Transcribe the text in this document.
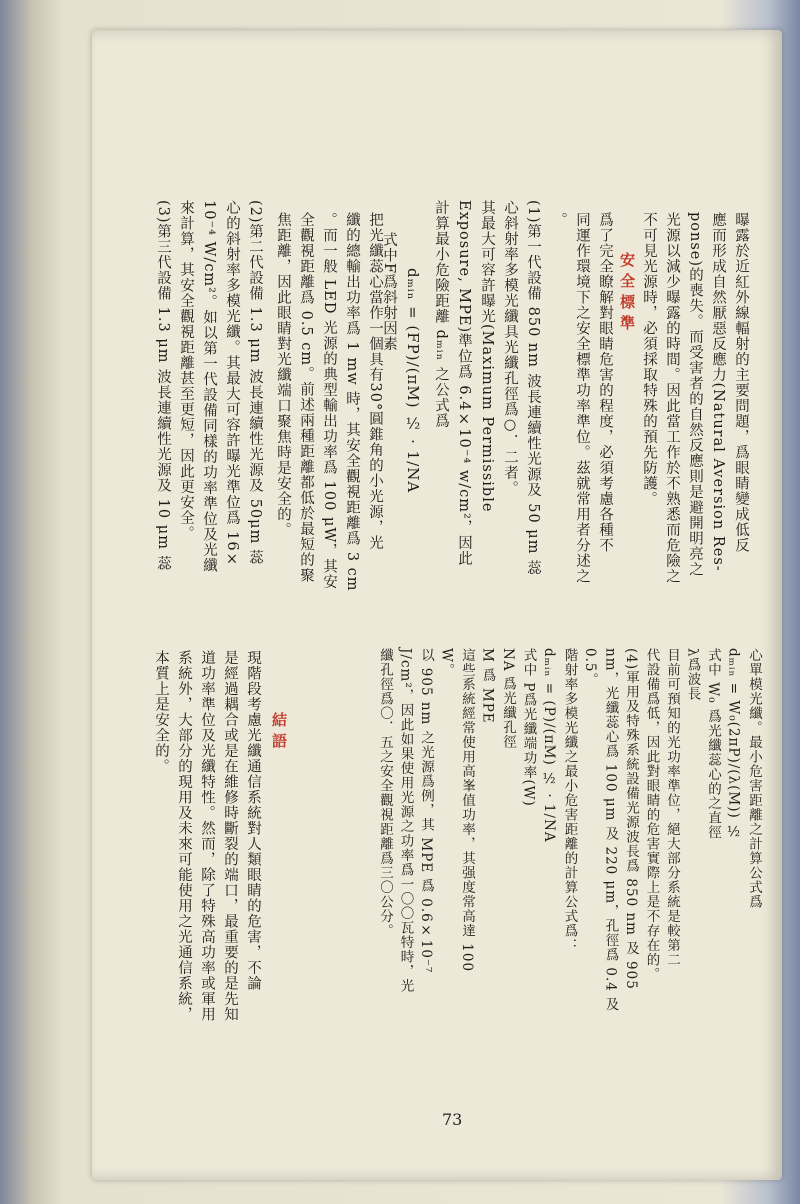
曝露於近紅外線輻射的主要問題，爲眼睛變成低反

應而形成自然厭惡反應力(Natural Aversion Res-

ponse)的喪失。而受害者的自然反應則是避開明亮之

光源以減少曝露的時間。因此當工作於不熟悉而危險之

不可見光源時，必須採取特殊的預先防護。

安全標準

爲了完全瞭解對眼睛危害的程度，必須考慮各種不

同運作環境下之安全標準功率準位。茲就常用者分述之

。

(1)第一代設備 850 nm 波長連續性光源及 50 μm 蕊

心斜射率多模光纖具光纖孔徑爲○．二者。

其最大可容許曝光(Maximum Permissible

Exposure, MPE)準位爲 6.4×10⁻⁴ w/cm²，因此

計算最小危險距離 dₘᵢₙ 之公式爲

dₘᵢₙ = (FP)/(πM) ½ · 1/NA
式中F爲斜射因素

把光纖蕊心當作一個具有30°圓錐角的小光源，光

纖的總輸出功率爲 1 mw 時，其安全觀視距離爲 3 cm

。而一般 LED 光源的典型輸出功率爲 100 μW，其安

全觀視距離爲 0.5 cm。前述兩種距離都低於最短的聚

焦距離，因此眼睛對光纖端口聚焦時是安全的。

(2)第二代設備 1.3 μm 波長連續性光源及 50μm 蕊

心的斜射率多模光纖。其最大可容許曝光準位爲 16×

10⁻⁴ W/cm²。如以第一代設備同樣的功率準位及光纖

來計算，其安全觀視距離甚至更短，因此更安全。

(3)第三代設備 1.3 μm 波長連續性光源及 10 μm 蕊

心單模光纖。最小危害距離之計算公式爲

dₘᵢₙ = W₀(2πP)/(λ(M)) ½

式中 W₀ 爲光纖蕊心的之直徑

λ爲波長

目前可預知的光功率準位，絕大部分系統是較第二

代設備爲低，因此對眼睛的危害實際上是不存在的。

(4)軍用及特殊系統設備光源波長爲 850 nm 及 905

nm，光纖蕊心爲 100 μm 及 220 μm，孔徑爲 0.4 及

0.5。

階射率多模光纖之最小危害距離的計算公式爲：

dₘᵢₙ = (P)/(πM) ½ · 1/NA

式中 P爲光纖端功率(W)

NA 爲光纖孔徑

M 爲 MPE

這些系統經常使用高峯值功率，其强度常高達 100

W。

以 905 nm 之光源爲例，其 MPE 爲 0.6×10⁻⁷

J/cm²，因此如果使用光源之功率爲一〇〇瓦特時，光

纖孔徑爲〇．五之安全觀視距離爲三〇公分。

結語

現階段考慮光纖通信系統對人類眼睛的危害，不論

是經過耦合或是在維修時斷裂的端口，最重要的是先知

道功率準位及光纖特性。然而，除了特殊高功率或軍用

系統外，大部分的現用及未來可能使用之光通信系統，

本質上是安全的。

73
